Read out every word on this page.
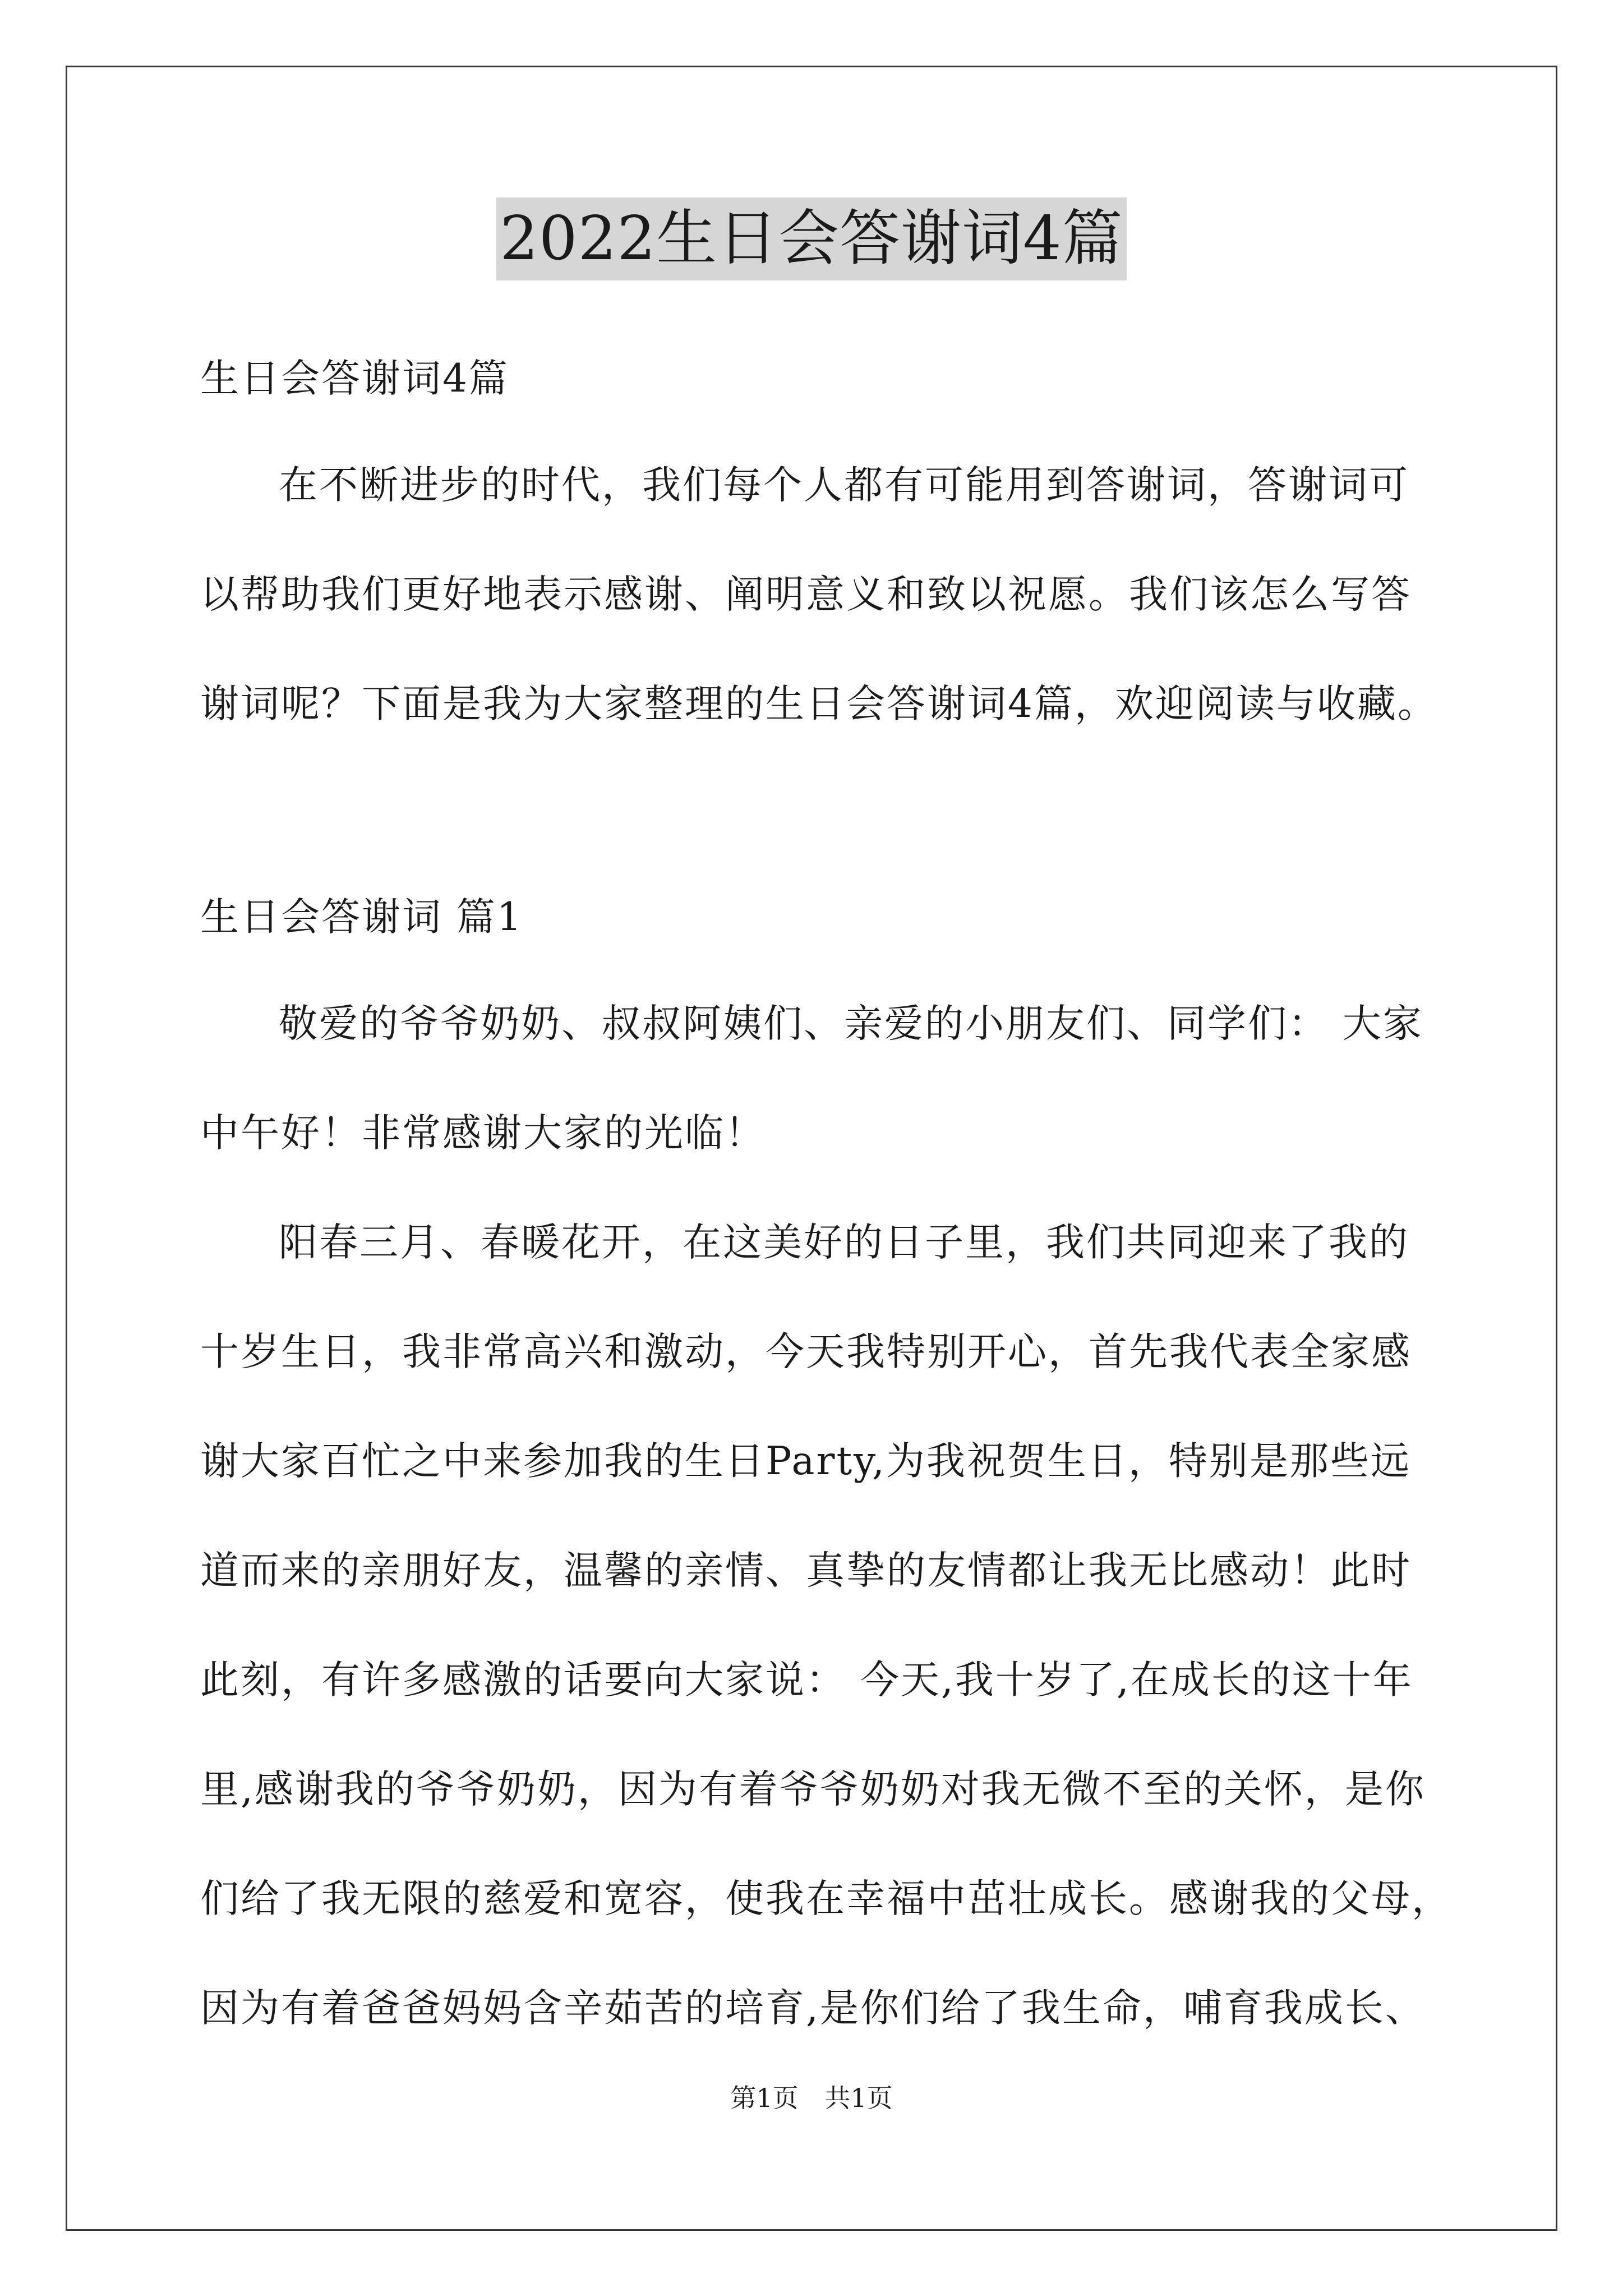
2022生日会答谢词4篇
生日会答谢词4篇
在不断进步的时代，我们每个人都有可能用到答谢词，答谢词可
以帮助我们更好地表示感谢、阐明意义和致以祝愿。我们该怎么写答
谢词呢？下面是我为大家整理的生日会答谢词4篇，欢迎阅读与收藏。
生日会答谢词 篇1
敬爱的爷爷奶奶、叔叔阿姨们、亲爱的小朋友们、同学们： 大家
中午好！非常感谢大家的光临！
阳春三月、春暖花开，在这美好的日子里，我们共同迎来了我的
十岁生日，我非常高兴和激动，今天我特别开心，首先我代表全家感
谢大家百忙之中来参加我的生日Party,为我祝贺生日，特别是那些远
道而来的亲朋好友，温馨的亲情、真挚的友情都让我无比感动！此时
此刻，有许多感激的话要向大家说： 今天,我十岁了,在成长的这十年
里,感谢我的爷爷奶奶，因为有着爷爷奶奶对我无微不至的关怀，是你
们给了我无限的慈爱和宽容，使我在幸福中茁壮成长。感谢我的父母，
因为有着爸爸妈妈含辛茹苦的培育,是你们给了我生命，哺育我成长、
第1页 共1页
